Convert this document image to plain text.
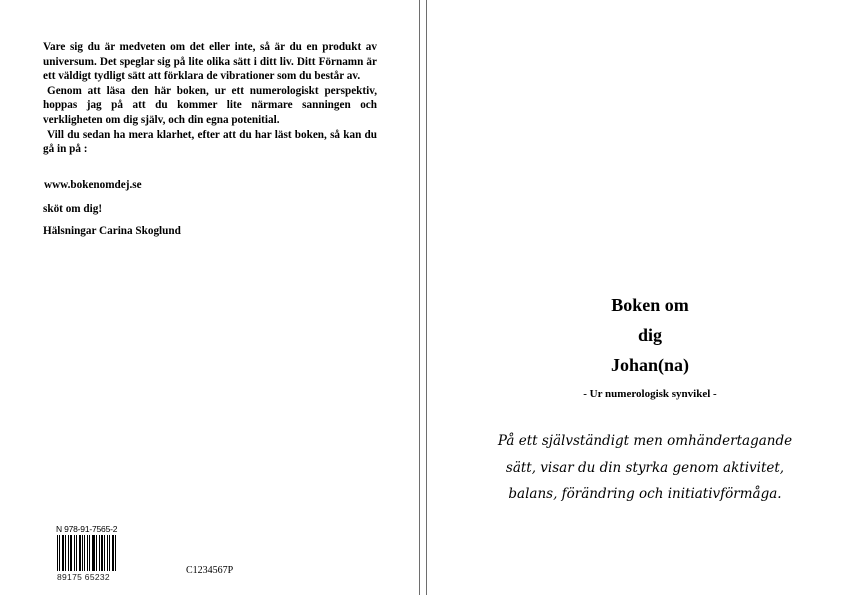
Vare sig du är medveten om det eller inte, så är du en produkt av universum. Det speglar sig på lite olika sätt i ditt liv. Ditt Förnamn är ett väldigt tydligt sätt att förklara de vibrationer som du består av.

Genom att läsa den här boken, ur ett numerologiskt perspektiv, hoppas jag på att du kommer lite närmare sanningen och verkligheten om dig själv, och din egna potenitial.

Vill du sedan ha mera klarhet, efter att du har läst boken, så kan du gå in på :

www.bokenomdej.se
sköt om dig!
Hälsningar Carina Skoglund
N 978-91-7565-2
89175 65232
C1234567P
Boken om
dig
Johan(na)
- Ur numerologisk synvikel -
På ett självständigt men omhändertagande
sätt, visar du din styrka genom aktivitet,
balans, förändring och initiativförmåga.
